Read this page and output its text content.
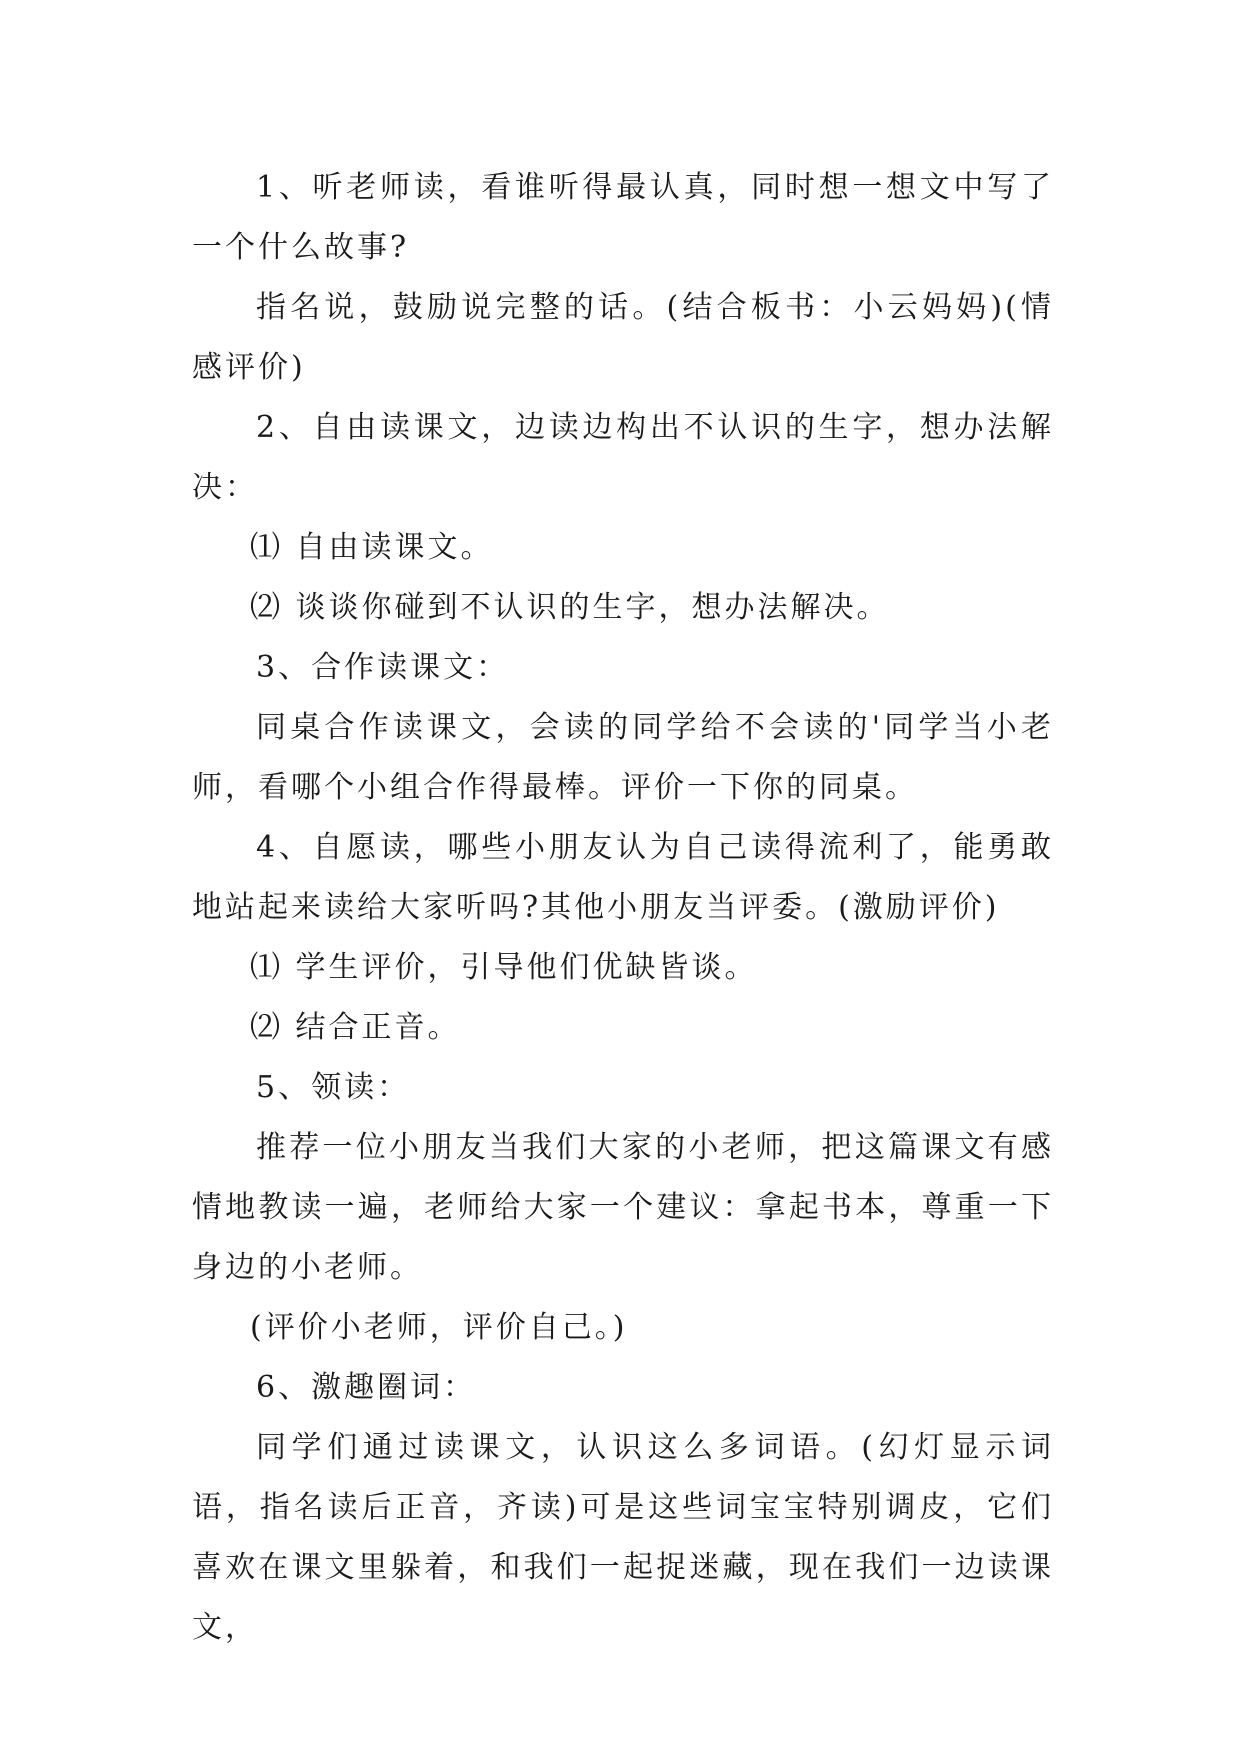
1、听老师读，看谁听得最认真，同时想一想文中写了一个什么故事?

指名说，鼓励说完整的话。(结合板书：小云妈妈)(情感评价)

2、自由读课文，边读边构出不认识的生字，想办法解决：

⑴ 自由读课文。

⑵ 谈谈你碰到不认识的生字，想办法解决。

3、合作读课文：

同桌合作读课文，会读的同学给不会读的'同学当小老师，看哪个小组合作得最棒。评价一下你的同桌。

4、自愿读，哪些小朋友认为自己读得流利了，能勇敢地站起来读给大家听吗?其他小朋友当评委。(激励评价)

⑴ 学生评价，引导他们优缺皆谈。

⑵ 结合正音。

5、领读：

推荐一位小朋友当我们大家的小老师，把这篇课文有感情地教读一遍，老师给大家一个建议：拿起书本，尊重一下身边的小老师。

(评价小老师，评价自己。)

6、激趣圈词：

同学们通过读课文，认识这么多词语。(幻灯显示词语，指名读后正音，齐读)可是这些词宝宝特别调皮，它们喜欢在课文里躲着，和我们一起捉迷藏，现在我们一边读课文，
